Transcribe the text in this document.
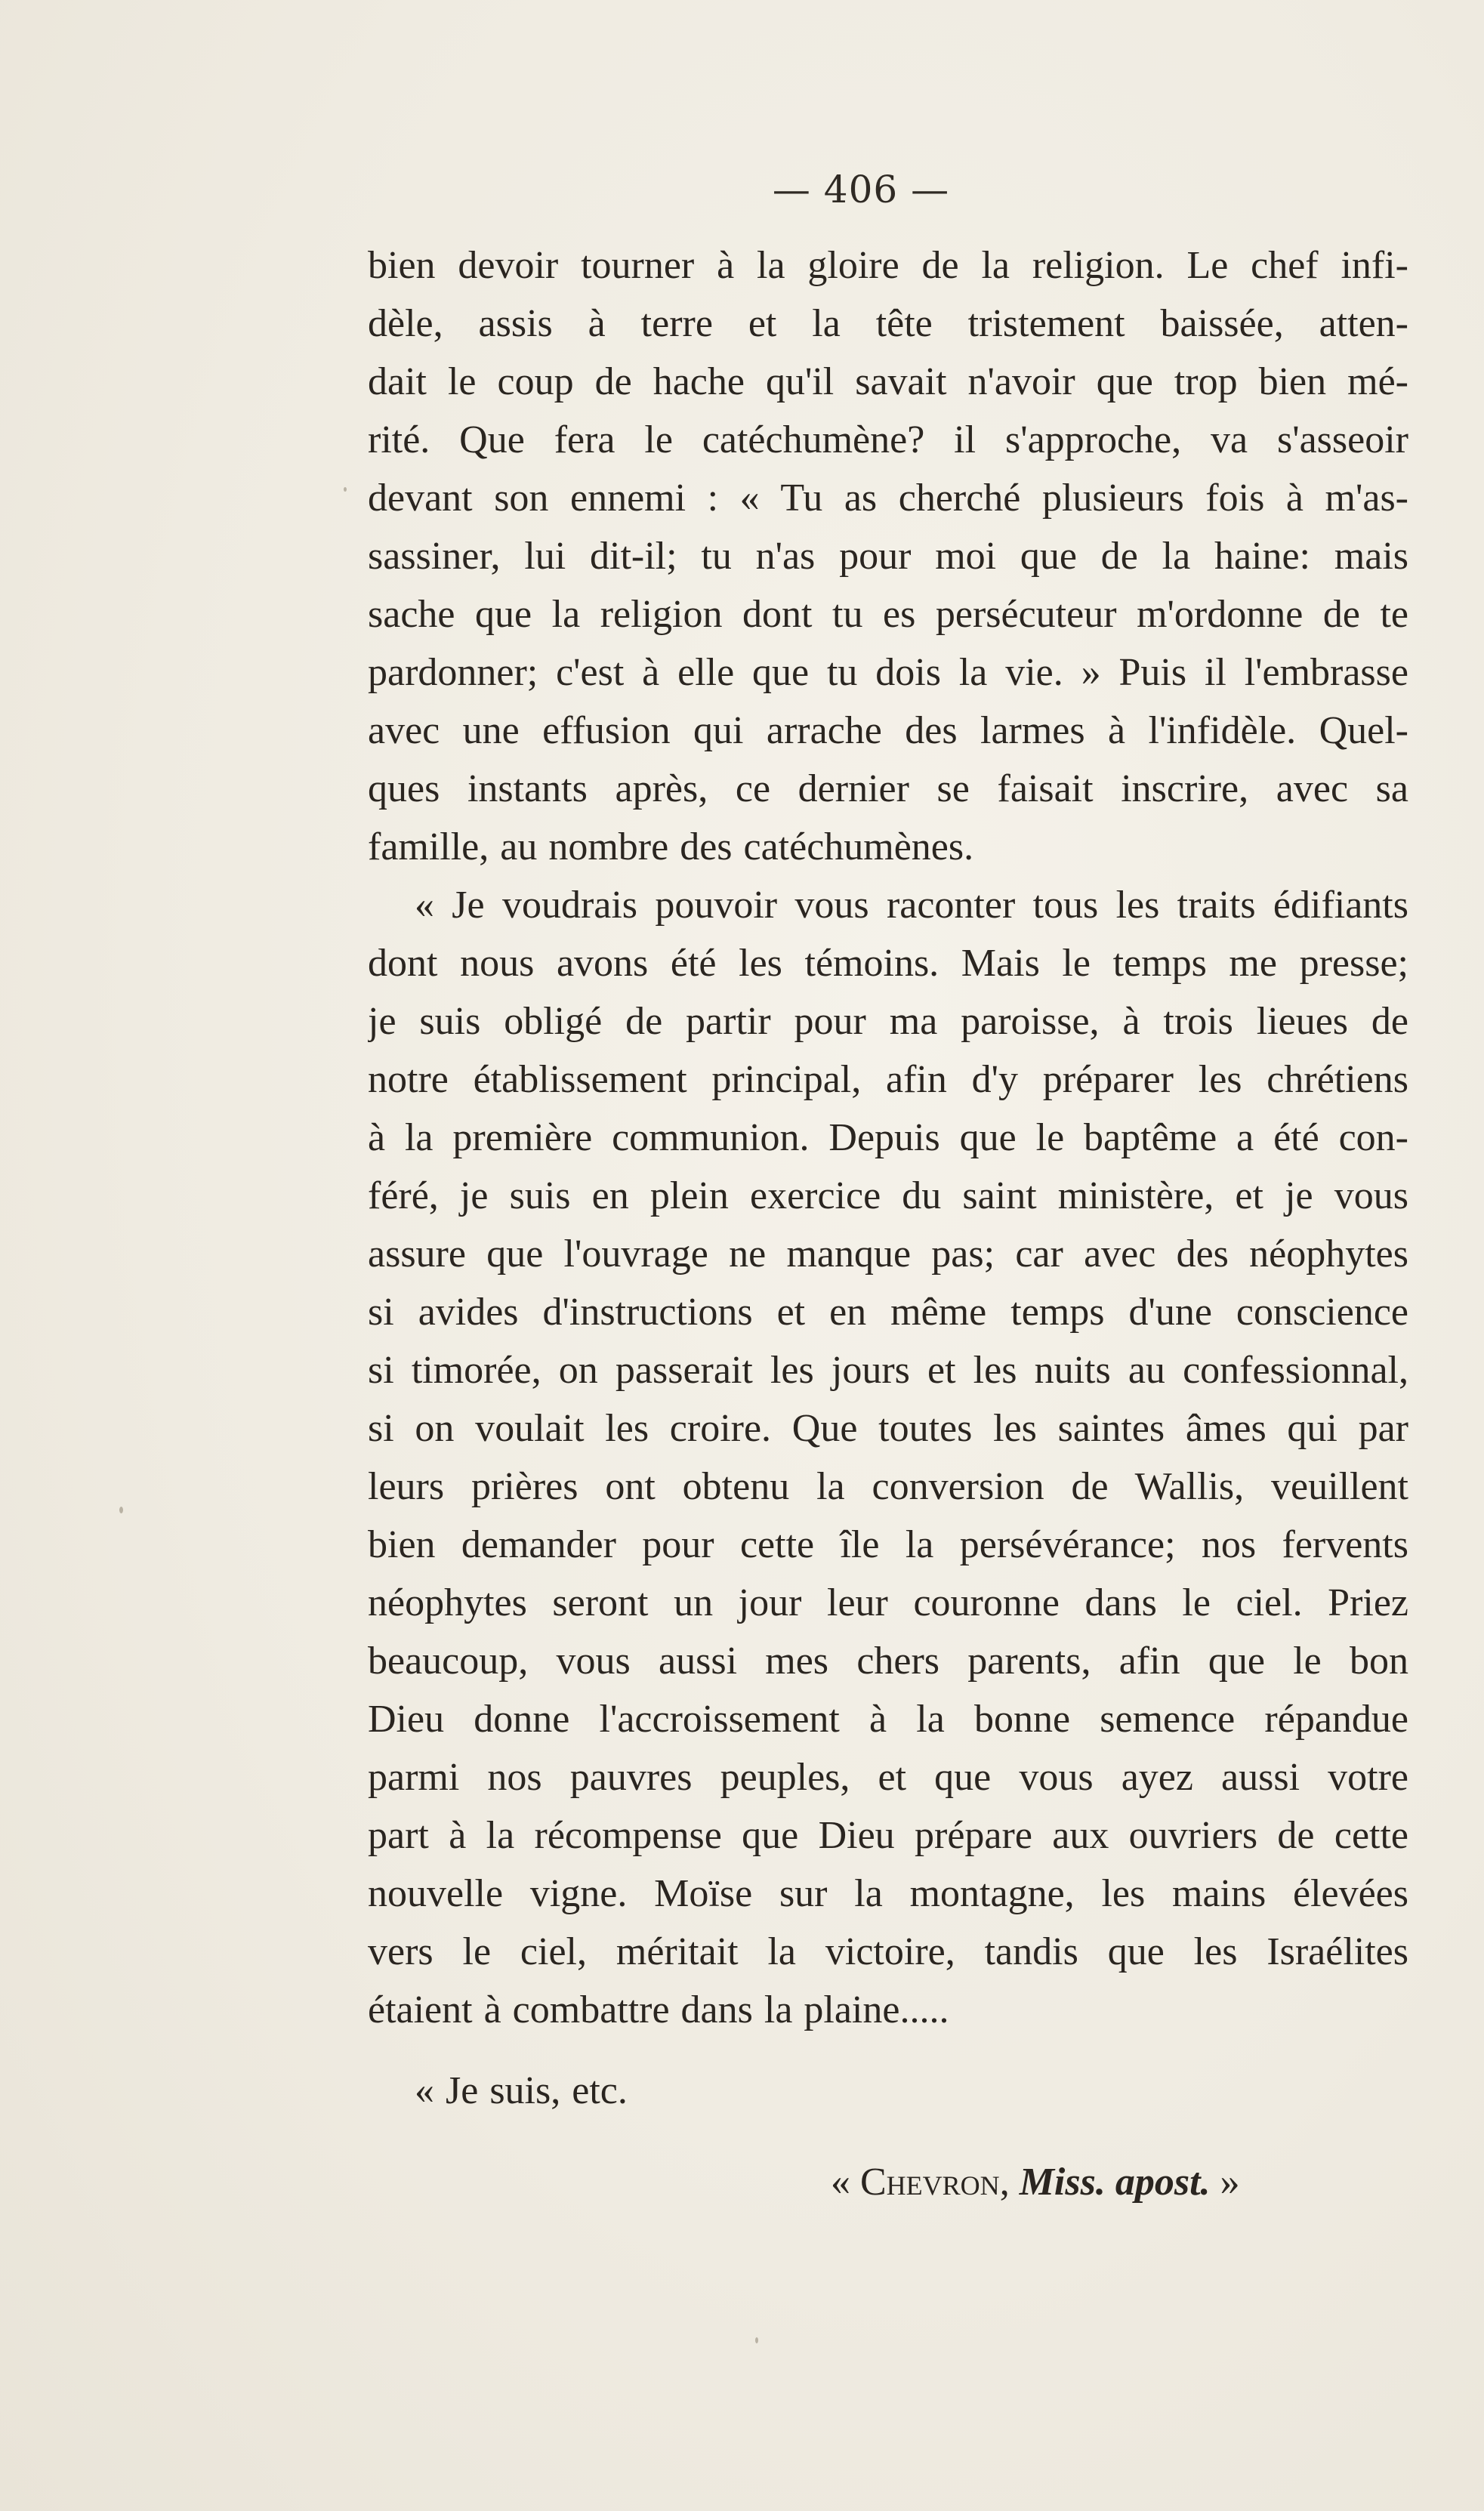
— 406 —
bien devoir tourner à la gloire de la religion. Le chef infi-
dèle, assis à terre et la tête tristement baissée, atten-
dait le coup de hache qu'il savait n'avoir que trop bien mé-
rité. Que fera le catéchumène? il s'approche, va s'asseoir
devant son ennemi : « Tu as cherché plusieurs fois à m'as-
sassiner, lui dit-il; tu n'as pour moi que de la haine: mais
sache que la religion dont tu es persécuteur m'ordonne de te
pardonner; c'est à elle que tu dois la vie. » Puis il l'embrasse
avec une effusion qui arrache des larmes à l'infidèle. Quel-
ques instants après, ce dernier se faisait inscrire, avec sa
famille, au nombre des catéchumènes.
« Je voudrais pouvoir vous raconter tous les traits édifiants
dont nous avons été les témoins. Mais le temps me presse;
je suis obligé de partir pour ma paroisse, à trois lieues de
notre établissement principal, afin d'y préparer les chrétiens
à la première communion. Depuis que le baptême a été con-
féré, je suis en plein exercice du saint ministère, et je vous
assure que l'ouvrage ne manque pas; car avec des néophytes
si avides d'instructions et en même temps d'une conscience
si timorée, on passerait les jours et les nuits au confessionnal,
si on voulait les croire. Que toutes les saintes âmes qui par
leurs prières ont obtenu la conversion de Wallis, veuillent
bien demander pour cette île la persévérance; nos fervents
néophytes seront un jour leur couronne dans le ciel. Priez
beaucoup, vous aussi mes chers parents, afin que le bon
Dieu donne l'accroissement à la bonne semence répandue
parmi nos pauvres peuples, et que vous ayez aussi votre
part à la récompense que Dieu prépare aux ouvriers de cette
nouvelle vigne. Moïse sur la montagne, les mains élevées
vers le ciel, méritait la victoire, tandis que les Israélites
étaient à combattre dans la plaine.....
« Je suis, etc.
« Chevron, Miss. apost. »
